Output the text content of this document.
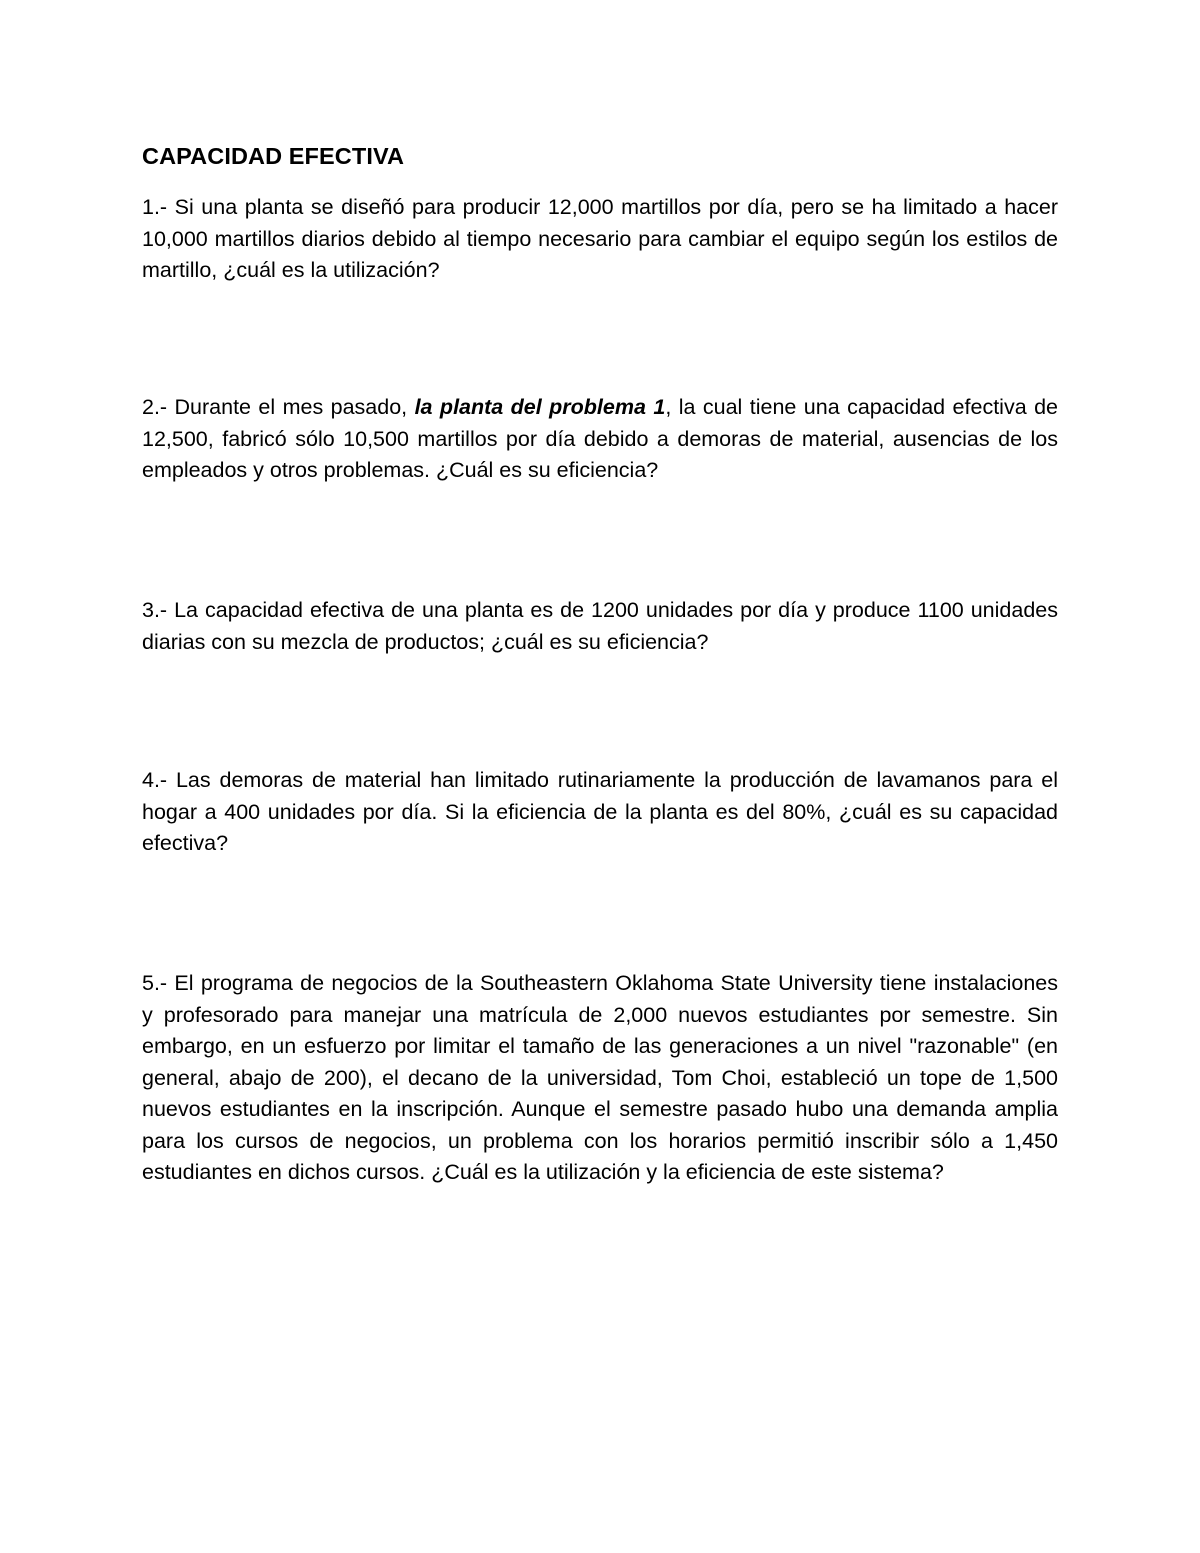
CAPACIDAD EFECTIVA

1.- Si una planta se diseñó para producir 12,000 martillos por día, pero se ha limitado a hacer 10,000 martillos diarios debido al tiempo necesario para cambiar el equipo según los estilos de martillo, ¿cuál es la utilización?

2.- Durante el mes pasado, la planta del problema 1, la cual tiene una capacidad efectiva de 12,500, fabricó sólo 10,500 martillos por día debido a demoras de material, ausencias de los empleados y otros problemas. ¿Cuál es su eficiencia?

3.- La capacidad efectiva de una planta es de 1200 unidades por día y produce 1100 unidades diarias con su mezcla de productos; ¿cuál es su eficiencia?

4.- Las demoras de material han limitado rutinariamente la producción de lavamanos para el hogar a 400 unidades por día. Si la eficiencia de la planta es del 80%, ¿cuál es su capacidad efectiva?

5.- El programa de negocios de la Southeastern Oklahoma State University tiene instalaciones y profesorado para manejar una matrícula de 2,000 nuevos estudiantes por semestre. Sin embargo, en un esfuerzo por limitar el tamaño de las generaciones a un nivel "razonable" (en general, abajo de 200), el decano de la universidad, Tom Choi, estableció un tope de 1,500 nuevos estudiantes en la inscripción. Aunque el semestre pasado hubo una demanda amplia para los cursos de negocios, un problema con los horarios permitió inscribir sólo a 1,450 estudiantes en dichos cursos. ¿Cuál es la utilización y la eficiencia de este sistema?
